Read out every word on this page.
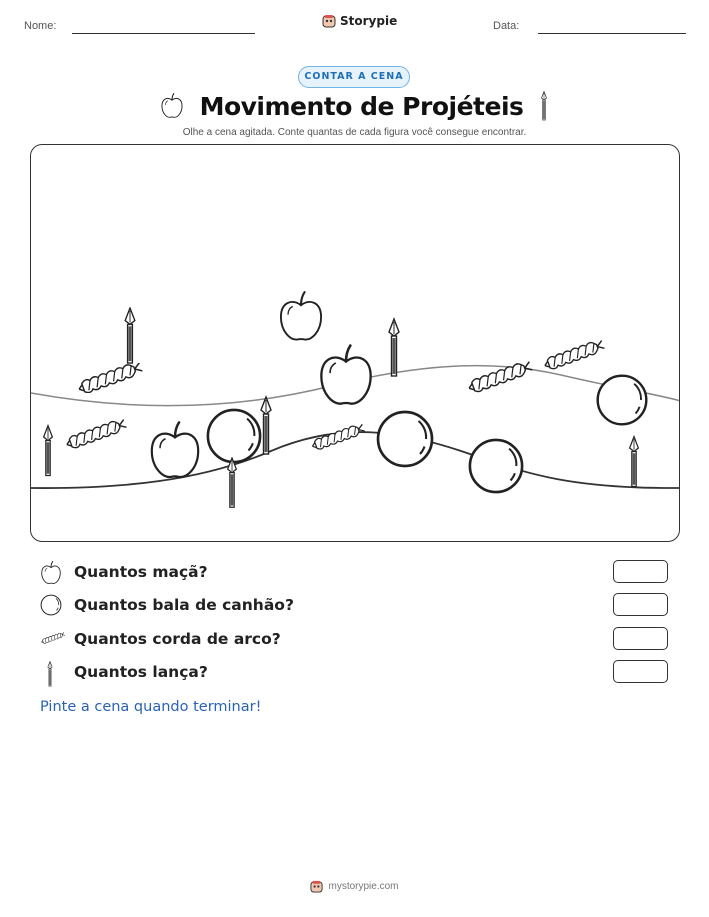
Nome:	Storypie	Data:
CONTAR A CENA
Movimento de Projéteis
Olhe a cena agitada. Conte quantas de cada figura você consegue encontrar.
Quantos maçã?
Quantos bala de canhão?
Quantos corda de arco?
Quantos lança?
Pinte a cena quando terminar!
mystorypie.com
